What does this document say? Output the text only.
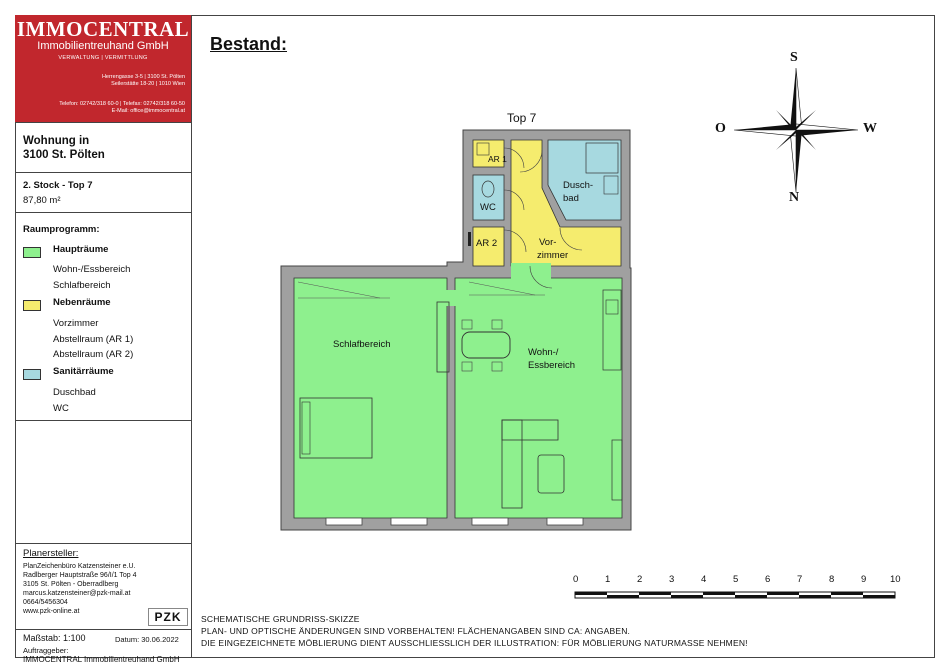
IMMOCENTRAL
Immobilientreuhand GmbH
VERWALTUNG | VERMITTLUNG
Herrengasse 3-5 | 3100 St. Pölten
Seilerstätte 18-20 | 1010 Wien
Telefon: 02742/318 60-0 | Telefax: 02742/318 60-50
E-Mail: office@immocentral.at
Wohnung in
3100 St. Pölten
2. Stock - Top 7
87,80 m²
Raumprogramm:
Haupträume
Wohn-/Essbereich
Schlafbereich
Nebenräume
Vorzimmer
Abstellraum (AR 1)
Abstellraum (AR 2)
Sanitärräume
Duschbad
WC
Planersteller:
PlanZeichenbüro Katzensteiner e.U.
Radlberger Hauptstraße 96/I/1 Top 4
3105 St. Pölten - Oberradlberg
marcus.katzensteiner@pzk-mail.at
0664/5456304
www.pzk-online.at	PZK
Maßstab: 1:100	Datum: 30.06.2022
Auftraggeber:
IMMOCENTRAL Immobilientreuhand GmbH
Bestand:
Top 7
AR 1
WC
Dusch-
bad
AR 2	Vor-
zimmer
Schlafbereich
Wohn-/
Essbereich
S
N
O	W
0	1	2	3	4	5	6	7	8	9 10
SCHEMATISCHE GRUNDRISS-SKIZZE
PLAN- UND OPTISCHE ÄNDERUNGEN SIND VORBEHALTEN! FLÄCHENANGABEN SIND CA: ANGABEN.
DIE EINGEZEICHNETE MÖBLIERUNG DIENT AUSSCHLIESSLICH DER ILLUSTRATION: FÜR MÖBLIERUNG NATURMASSE NEHMEN!
